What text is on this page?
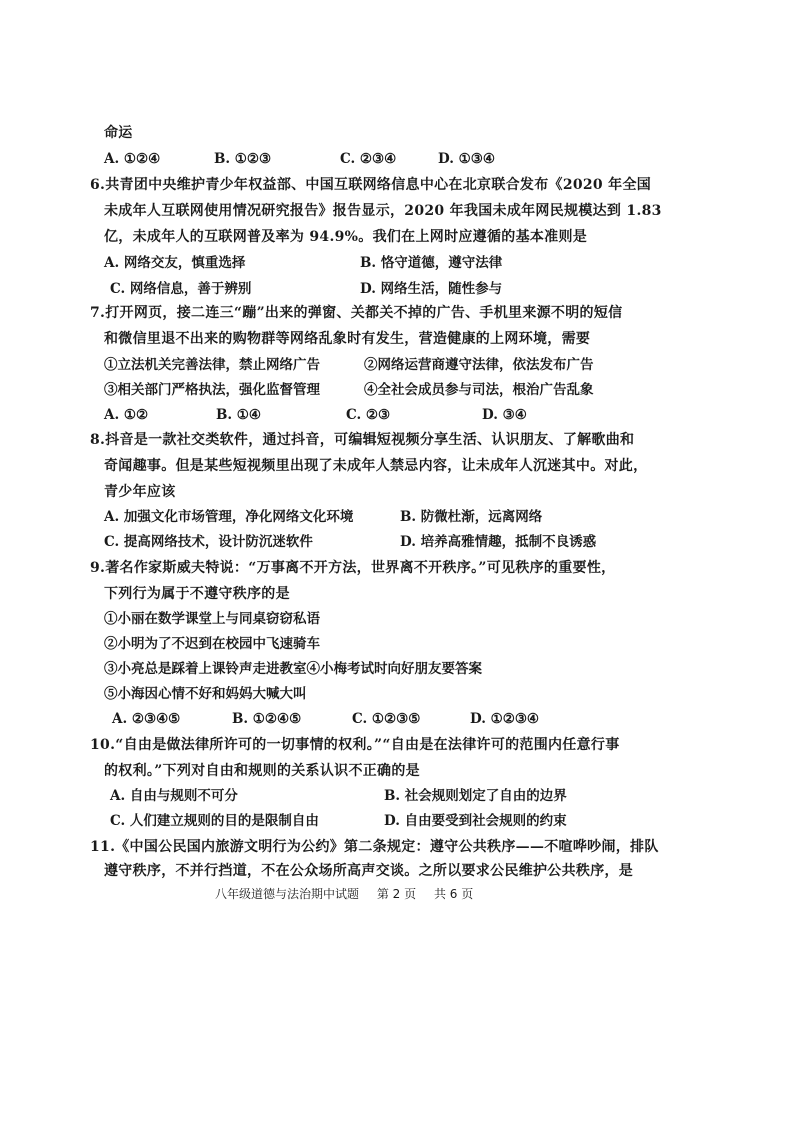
命运
A. ①②④	B. ①②③	C. ②③④	D. ①③④
6.共青团中央维护青少年权益部、中国互联网络信息中心在北京联合发布《2020 年全国
未成年人互联网使用情况研究报告》报告显示，2020 年我国未成年网民规模达到 1.83
亿，未成年人的互联网普及率为 94.9%。我们在上网时应遵循的基本准则是
A. 网络交友，慎重选择	B. 恪守道德，遵守法律
C. 网络信息，善于辨别	D. 网络生活，随性参与
7.打开网页，接二连三“蹦”出来的弹窗、关都关不掉的广告、手机里来源不明的短信
和微信里退不出来的购物群等网络乱象时有发生，营造健康的上网环境，需要
①立法机关完善法律，禁止网络广告	②网络运营商遵守法律，依法发布广告
③相关部门严格执法，强化监督管理	④全社会成员参与司法，根治广告乱象
A. ①②	B. ①④	C. ②③	D. ③④
8.抖音是一款社交类软件，通过抖音，可编辑短视频分享生活、认识朋友、了解歌曲和
奇闻趣事。但是某些短视频里出现了未成年人禁忌内容，让未成年人沉迷其中。对此，
青少年应该
A. 加强文化市场管理，净化网络文化环境	B. 防微杜渐，远离网络
C. 提高网络技术，设计防沉迷软件	D. 培养高雅情趣，抵制不良诱惑
9.著名作家斯威夫特说：“万事离不开方法，世界离不开秩序。”可见秩序的重要性，
下列行为属于不遵守秩序的是
①小丽在数学课堂上与同桌窃窃私语
②小明为了不迟到在校园中飞速骑车
③小亮总是踩着上课铃声走进教室④小梅考试时向好朋友要答案
⑤小海因心情不好和妈妈大喊大叫
A. ②③④⑤	B. ①②④⑤	C. ①②③⑤	D. ①②③④
10.“自由是做法律所许可的一切事情的权利。”“自由是在法律许可的范围内任意行事
的权利。”下列对自由和规则的关系认识不正确的是
A. 自由与规则不可分	B. 社会规则划定了自由的边界
C. 人们建立规则的目的是限制自由	D. 自由要受到社会规则的约束
11.《中国公民国内旅游文明行为公约》第二条规定：遵守公共秩序——不喧哗吵闹，排队
遵守秩序，不并行挡道，不在公众场所高声交谈。之所以要求公民维护公共秩序，是
八年级道德与法治期中试题 第 2 页 共 6 页
